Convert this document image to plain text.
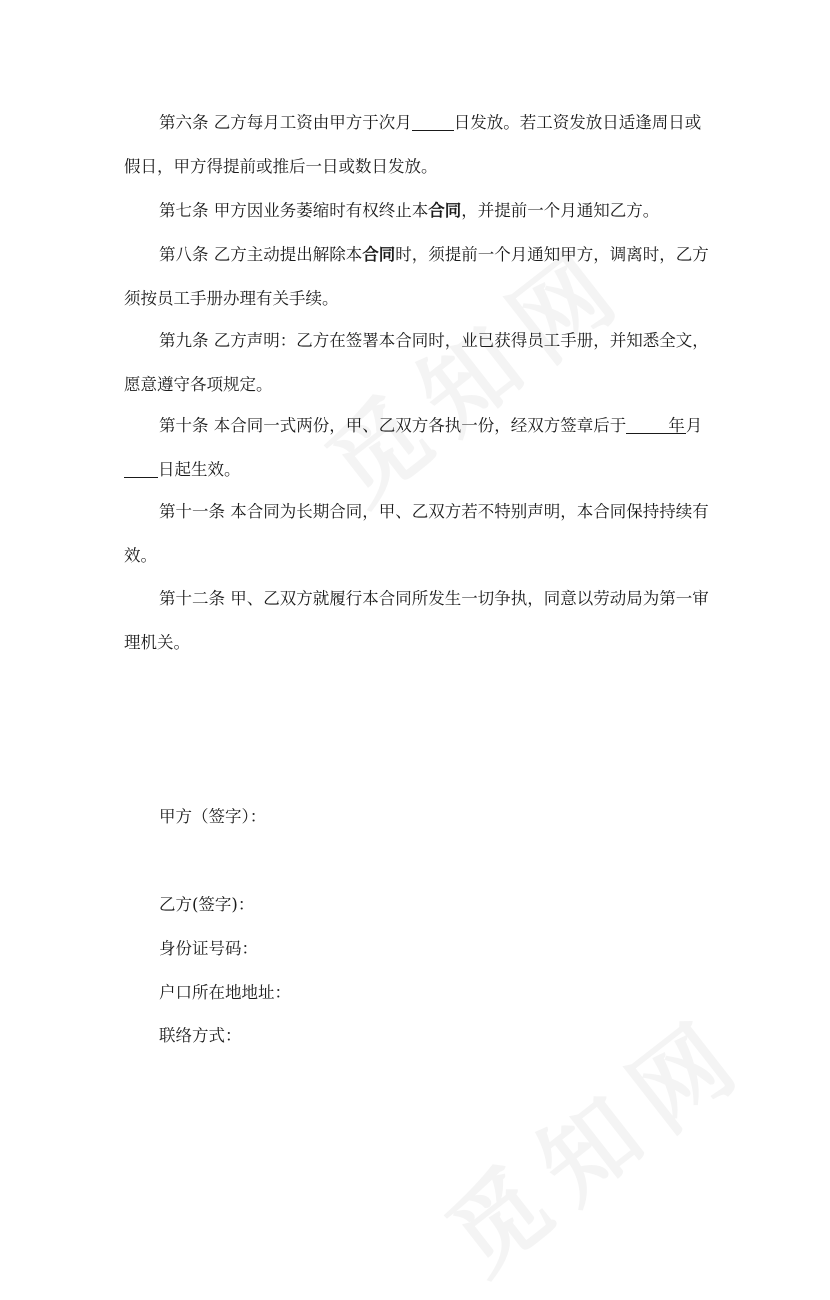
第六条 乙方每月工资由甲方于次月	日发放。若工资发放日适逢周日或假日，甲方得提前或推后一日或数日发放。

第七条 甲方因业务萎缩时有权终止本合同，并提前一个月通知乙方。

第八条 乙方主动提出解除本合同时，须提前一个月通知甲方，调离时，乙方须按员工手册办理有关手续。

第九条 乙方声明：乙方在签署本合同时，业已获得员工手册，并知悉全文，愿意遵守各项规定。

第十条 本合同一式两份，甲、乙双方各执一份，经双方签章后于	年月日起生效。

第十一条 本合同为长期合同，甲、乙双方若不特别声明，本合同保持持续有效。

第十二条 甲、乙双方就履行本合同所发生一切争执，同意以劳动局为第一审理机关。

甲方（签字）：

乙方(签字)：

身份证号码：

户口所在地地址：

联络方式：
